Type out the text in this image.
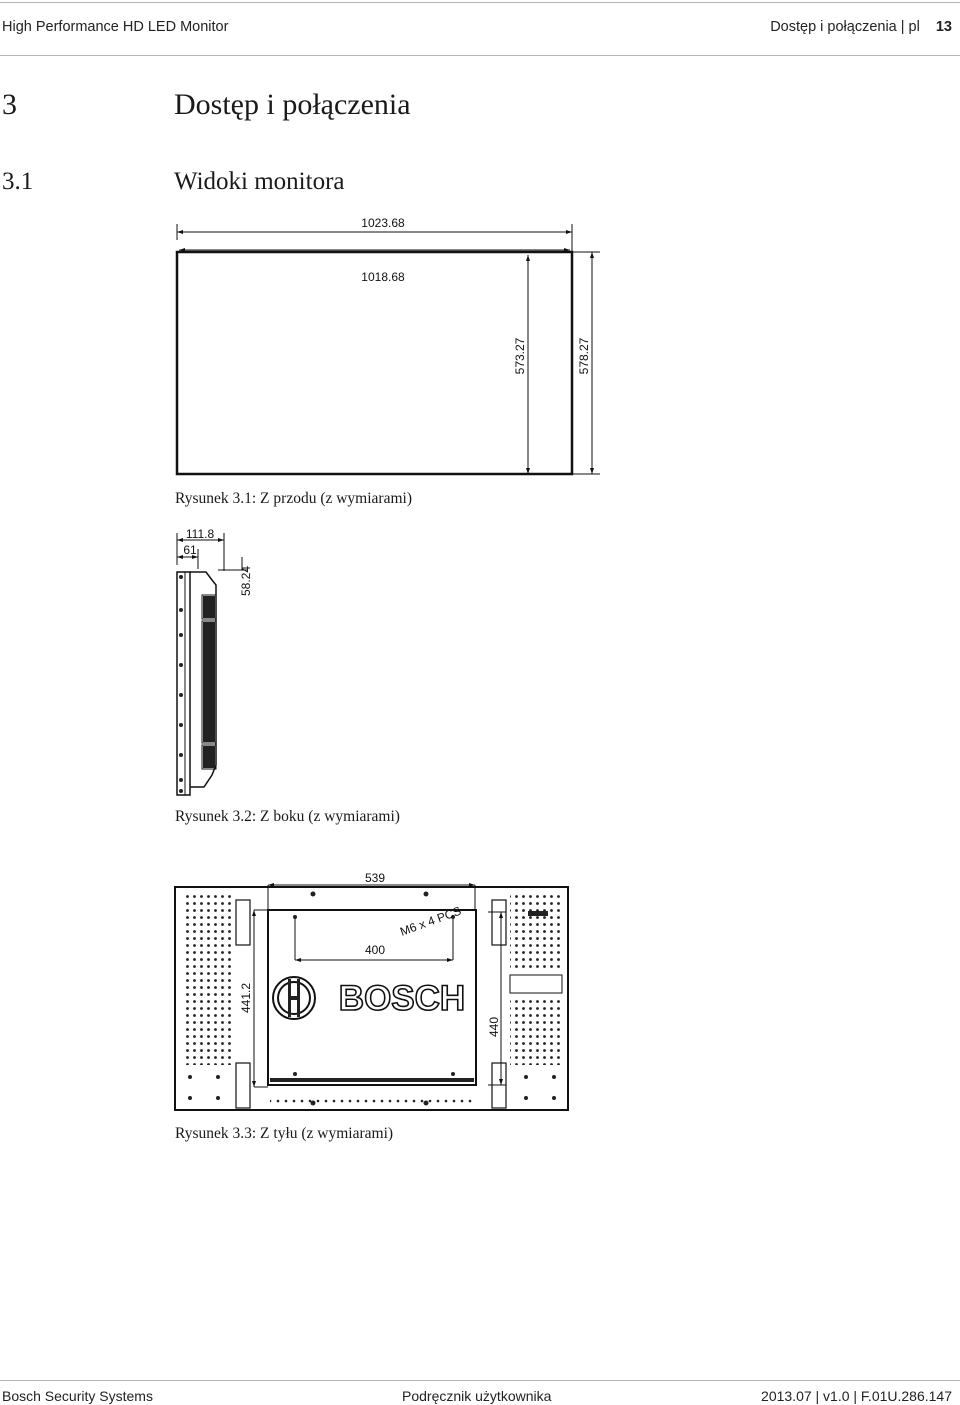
High Performance HD LED Monitor	Dostęp i połączenia | pl 13
3	Dostęp i połączenia
3.1	Widoki monitora
1023.68
1018.68
573.27	578.27
Rysunek 3.1: Z przodu (z wymiarami)
111.8
61
58.24
Rysunek 3.2: Z boku (z wymiarami)
539
400
M6 x 4 PCS
441.2
440
BOSCH
Rysunek 3.3: Z tyłu (z wymiarami)
Bosch Security Systems	Podręcznik użytkownika	2013.07 | v1.0 | F.01U.286.147
